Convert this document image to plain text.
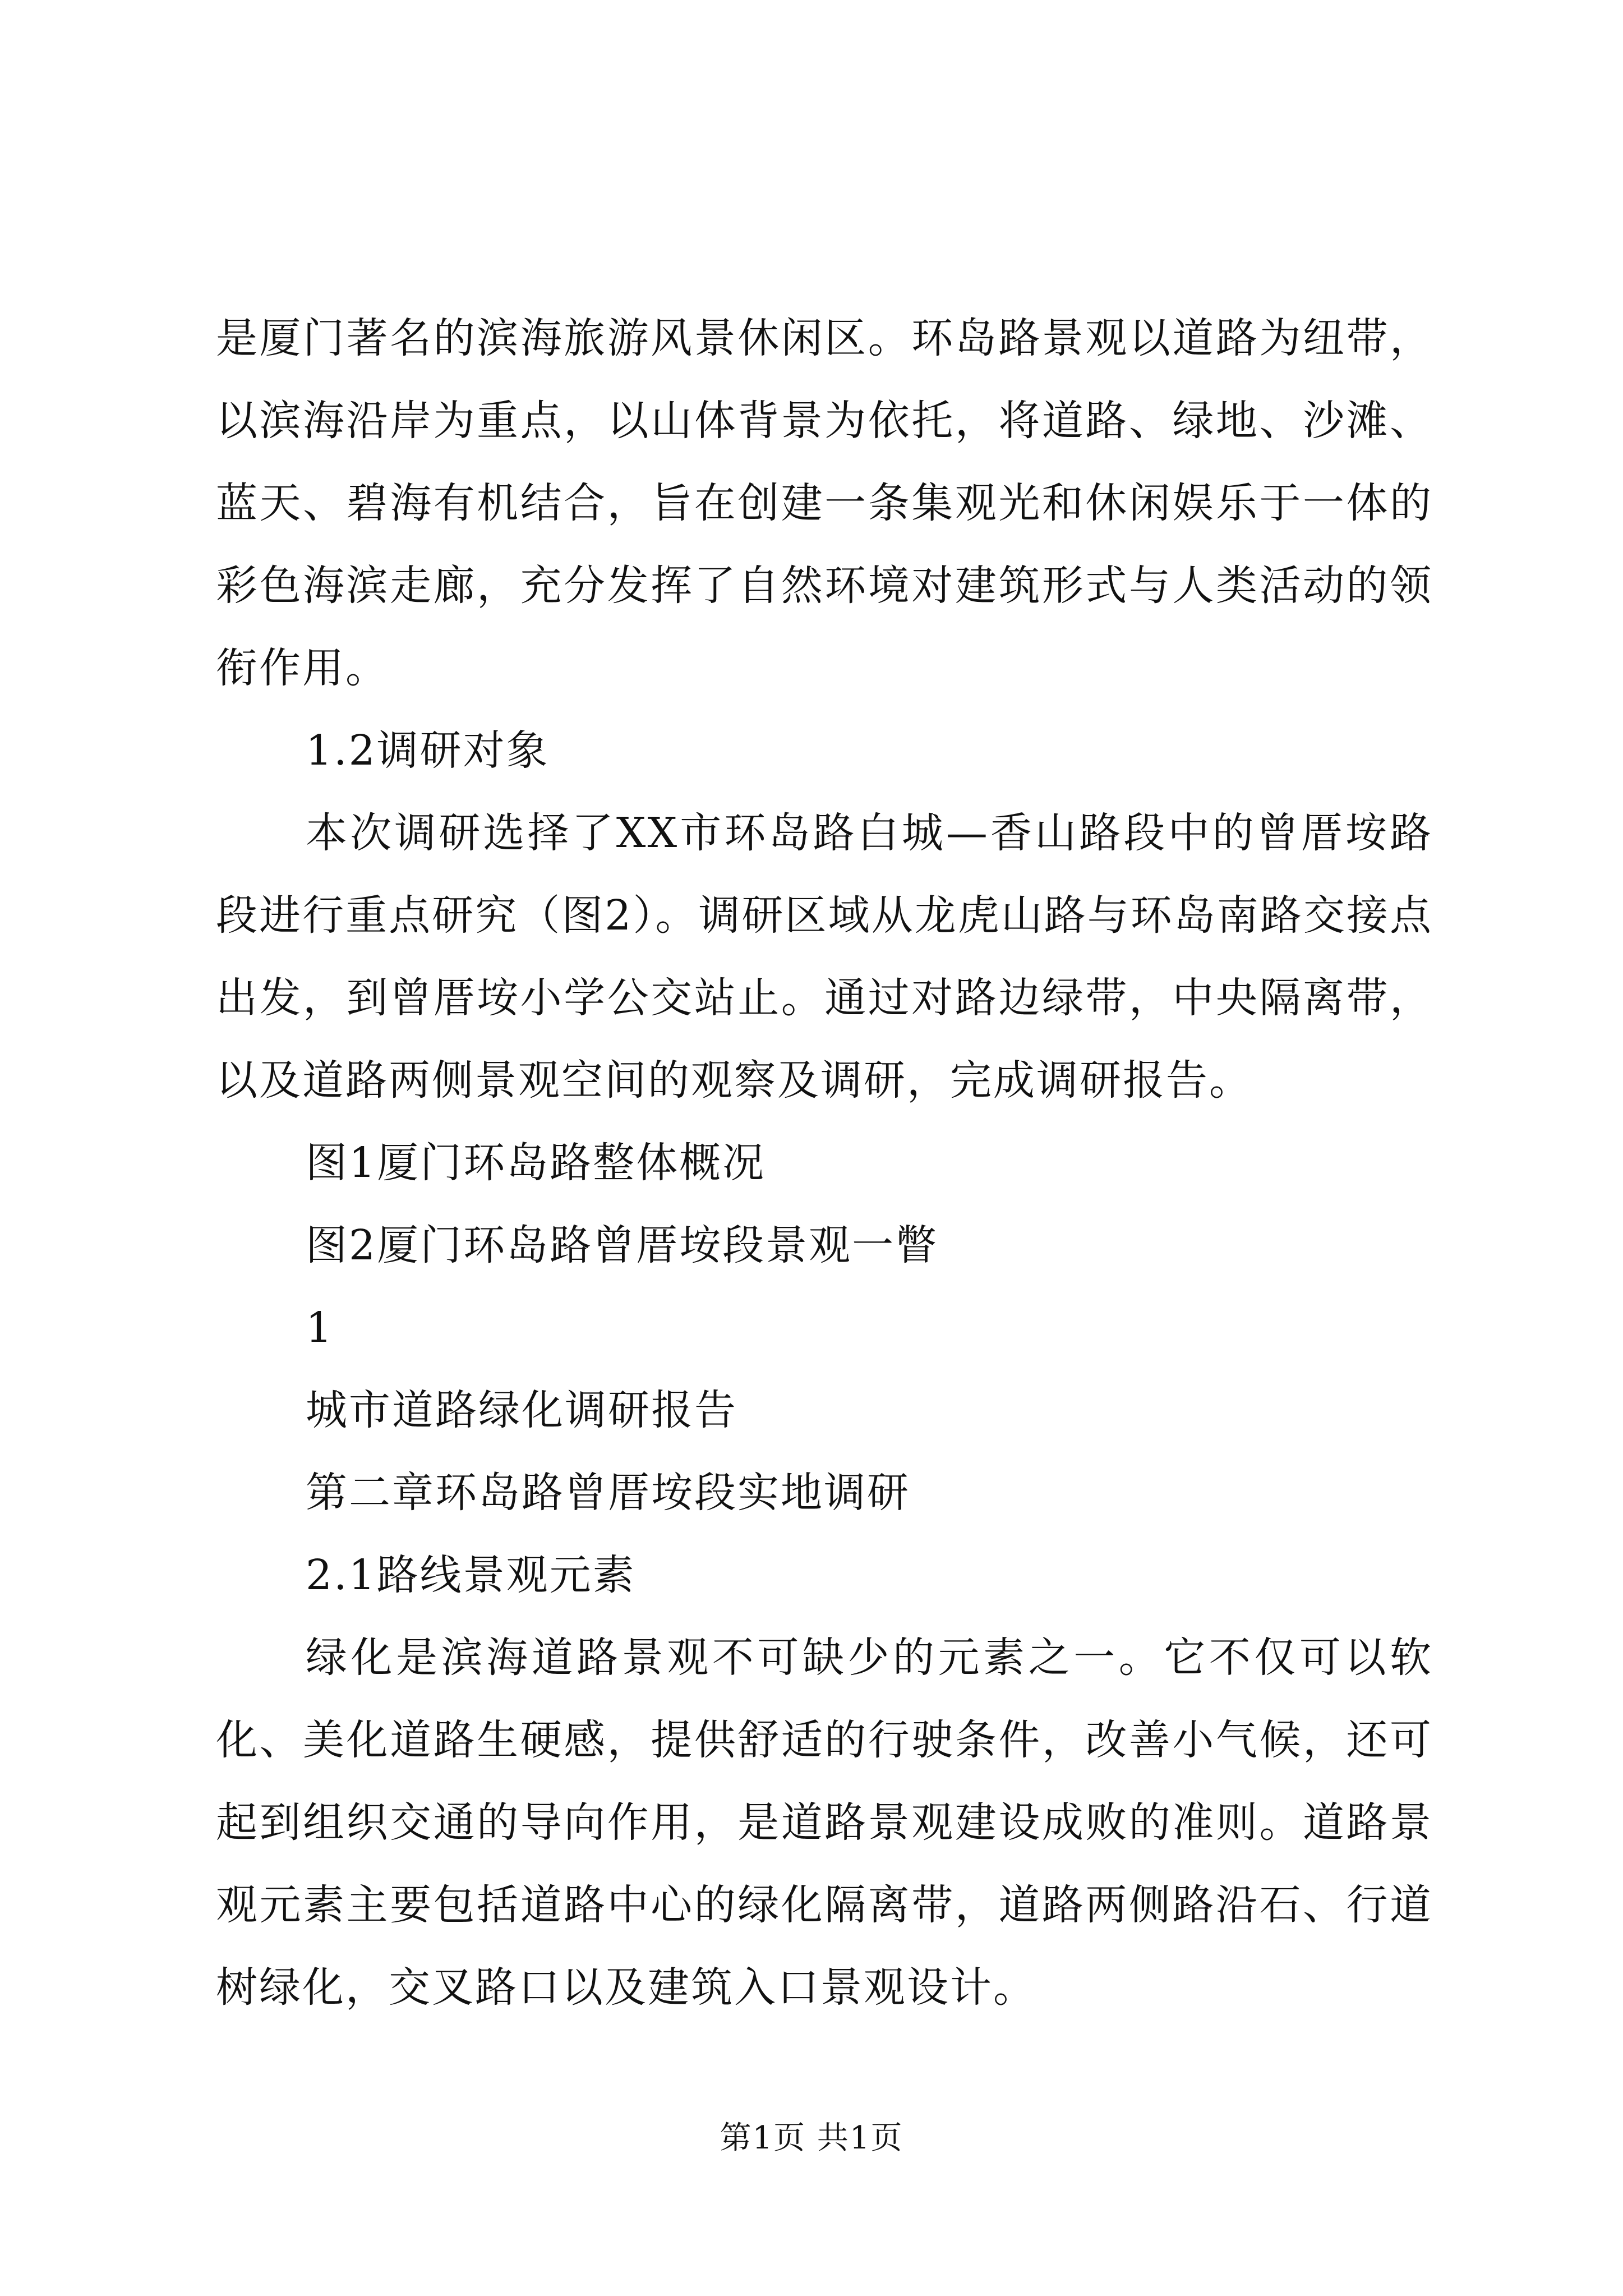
是厦门著名的滨海旅游风景休闲区。环岛路景观以道路为纽带，以滨海沿岸为重点，以山体背景为依托，将道路、绿地、沙滩、蓝天、碧海有机结合，旨在创建一条集观光和休闲娱乐于一体的彩色海滨走廊，充分发挥了自然环境对建筑形式与人类活动的领衔作用。

1.2调研对象

本次调研选择了XX市环岛路白城—香山路段中的曾厝垵路段进行重点研究（图2）。调研区域从龙虎山路与环岛南路交接点出发，到曾厝垵小学公交站止。通过对路边绿带，中央隔离带，以及道路两侧景观空间的观察及调研，完成调研报告。

图1厦门环岛路整体概况

图2厦门环岛路曾厝垵段景观一瞥

1

城市道路绿化调研报告

第二章环岛路曾厝垵段实地调研

2.1路线景观元素

绿化是滨海道路景观不可缺少的元素之一。它不仅可以软化、美化道路生硬感，提供舒适的行驶条件，改善小气候，还可起到组织交通的导向作用，是道路景观建设成败的准则。道路景观元素主要包括道路中心的绿化隔离带，道路两侧路沿石、行道树绿化，交叉路口以及建筑入口景观设计。

第1页 共1页
